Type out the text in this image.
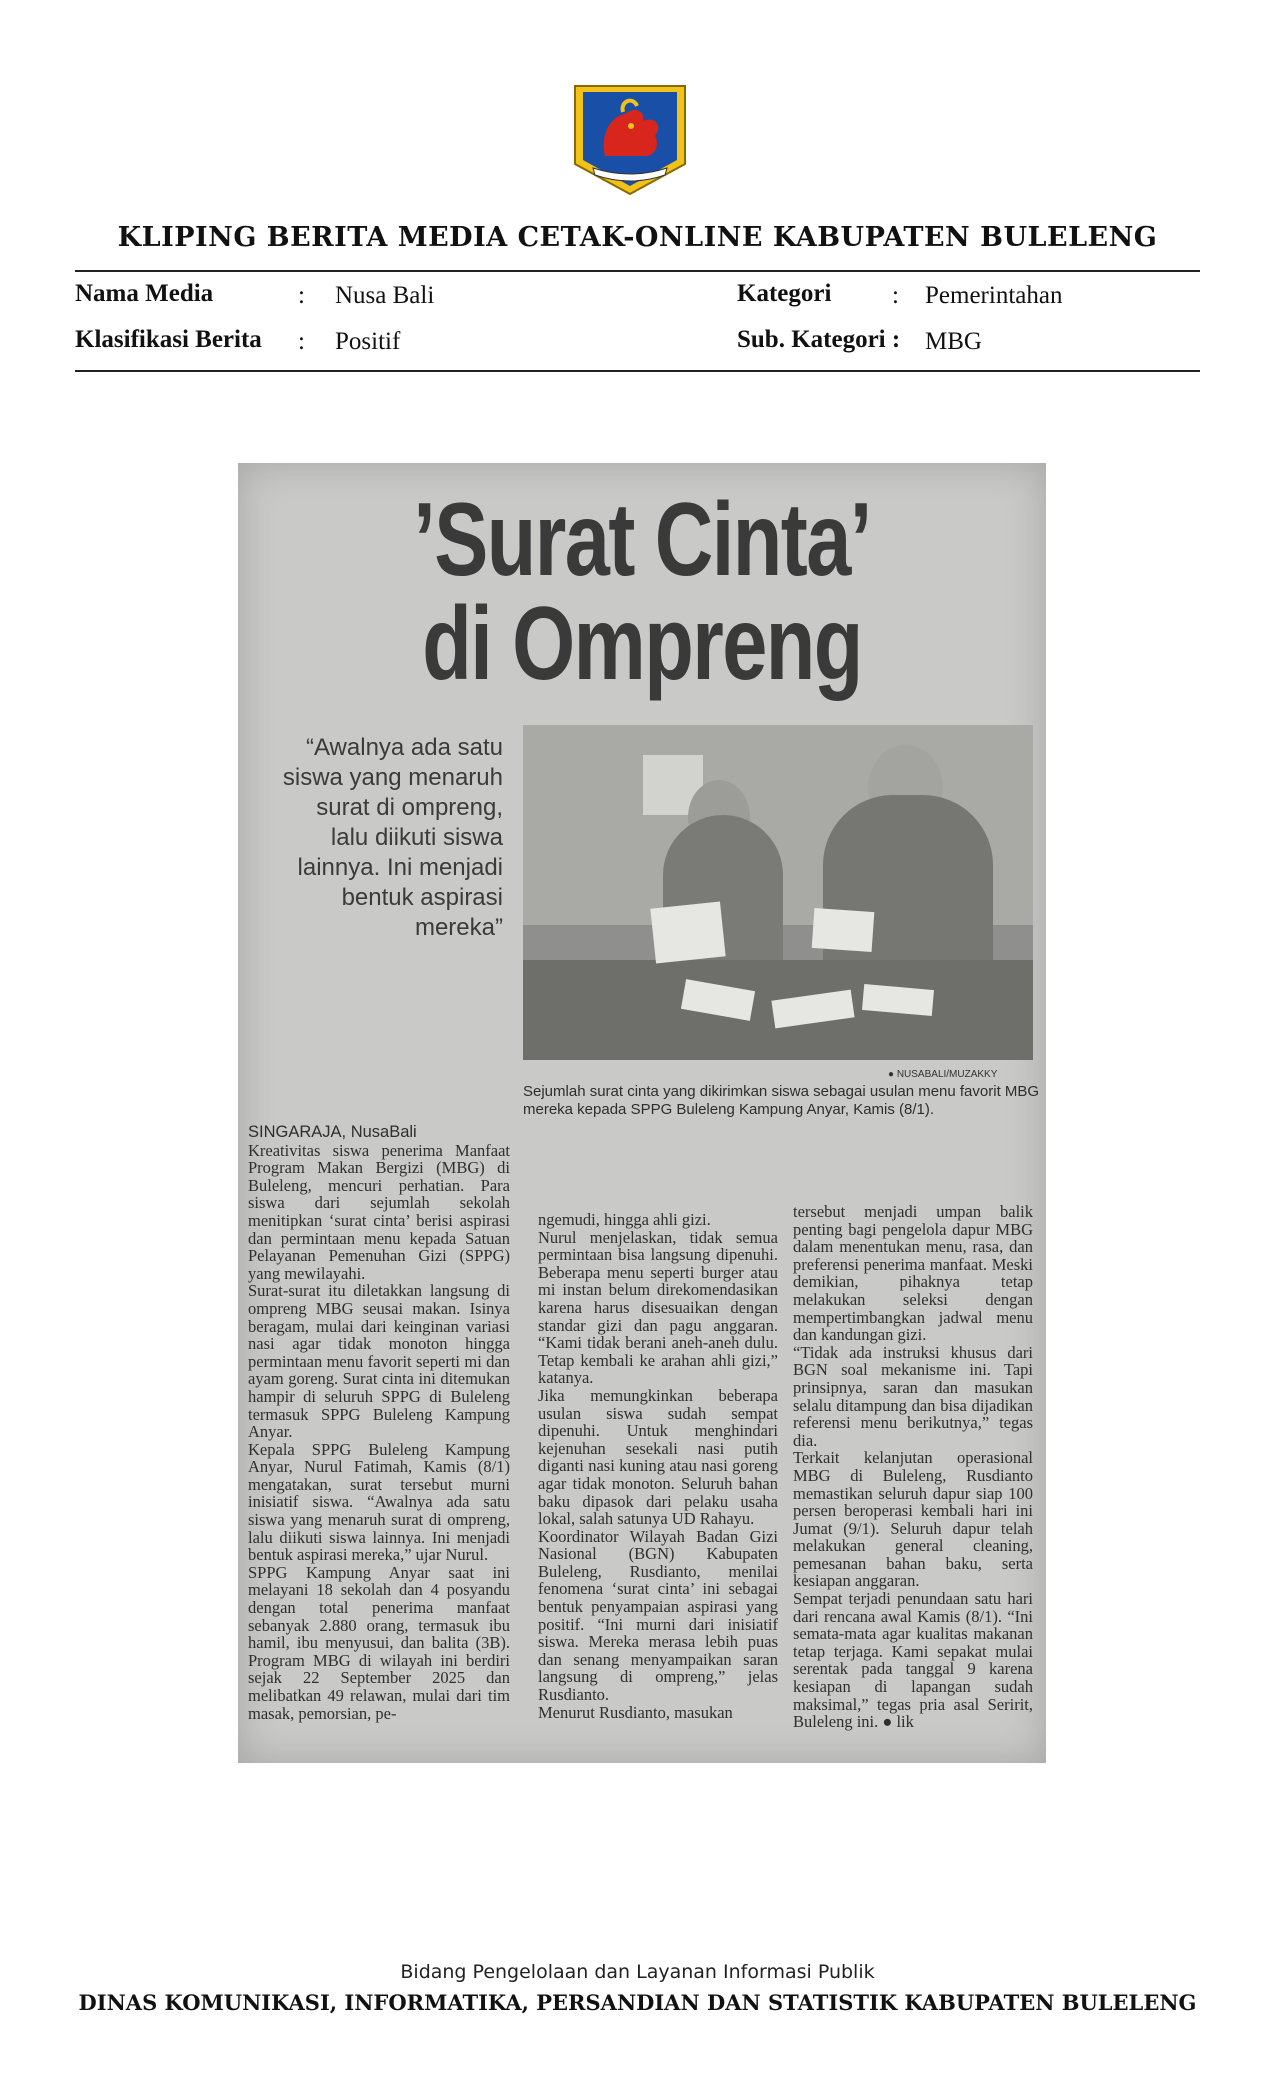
KLIPING BERITA MEDIA CETAK-ONLINE KABUPATEN BULELENG
Nama Media	: Nusa Bali
Klasifikasi Berita : Positif
Kategori : Pemerintahan
Sub. Kategori : MBG
’Surat Cinta’
di Ompreng
“Awalnya ada satu siswa yang menaruh surat di ompreng, lalu diikuti siswa lainnya. Ini menjadi bentuk aspirasi mereka”
● NUSABALI/MUZAKKY
Sejumlah surat cinta yang dikirimkan siswa sebagai usulan menu favorit MBG mereka kepada SPPG Buleleng Kampung Anyar, Kamis (8/1).
SINGARAJA, NusaBali
Kreativitas siswa penerima Manfaat Program Makan Bergizi (MBG) di Buleleng, mencuri perhatian. Para siswa dari sejumlah sekolah menitipkan ‘surat cinta’ berisi aspirasi dan permintaan menu kepada Satuan Pelayanan Pemenuhan Gizi (SPPG) yang mewilayahi.
Surat-surat itu diletakkan langsung di ompreng MBG seusai makan. Isinya beragam, mulai dari keinginan variasi nasi agar tidak monoton hingga permintaan menu favorit seperti mi dan ayam goreng. Surat cinta ini ditemukan hampir di seluruh SPPG di Buleleng termasuk SPPG Buleleng Kampung Anyar.
Kepala SPPG Buleleng Kampung Anyar, Nurul Fatimah, Kamis (8/1) mengatakan, surat tersebut murni inisiatif siswa. “Awalnya ada satu siswa yang menaruh surat di ompreng, lalu diikuti siswa lainnya. Ini menjadi bentuk aspirasi mereka,” ujar Nurul.
SPPG Kampung Anyar saat ini melayani 18 sekolah dan 4 posyandu dengan total penerima manfaat sebanyak 2.880 orang, termasuk ibu hamil, ibu menyusui, dan balita (3B). Program MBG di wilayah ini berdiri sejak 22 September 2025 dan melibatkan 49 relawan, mulai dari tim masak, pemorsian, pe-
ngemudi, hingga ahli gizi.
Nurul menjelaskan, tidak semua permintaan bisa langsung dipenuhi. Beberapa menu seperti burger atau mi instan belum direkomendasikan karena harus disesuaikan dengan standar gizi dan pagu anggaran. “Kami tidak berani aneh-aneh dulu. Tetap kembali ke arahan ahli gizi,” katanya.
Jika memungkinkan beberapa usulan siswa sudah sempat dipenuhi. Untuk menghindari kejenuhan sesekali nasi putih diganti nasi kuning atau nasi goreng agar tidak monoton. Seluruh bahan baku dipasok dari pelaku usaha lokal, salah satunya UD Rahayu.
Koordinator Wilayah Badan Gizi Nasional (BGN) Kabupaten Buleleng, Rusdianto, menilai fenomena ‘surat cinta’ ini sebagai bentuk penyampaian aspirasi yang positif. “Ini murni dari inisiatif siswa. Mereka merasa lebih puas dan senang menyampaikan saran langsung di ompreng,” jelas Rusdianto.
Menurut Rusdianto, masukan
tersebut menjadi umpan balik penting bagi pengelola dapur MBG dalam menentukan menu, rasa, dan preferensi penerima manfaat. Meski demikian, pihaknya tetap melakukan seleksi dengan mempertimbangkan jadwal menu dan kandungan gizi.
“Tidak ada instruksi khusus dari BGN soal mekanisme ini. Tapi prinsipnya, saran dan masukan selalu ditampung dan bisa dijadikan referensi menu berikutnya,” tegas dia.
Terkait kelanjutan operasional MBG di Buleleng, Rusdianto memastikan seluruh dapur siap 100 persen beroperasi kembali hari ini Jumat (9/1). Seluruh dapur telah melakukan general cleaning, pemesanan bahan baku, serta kesiapan anggaran.
Sempat terjadi penundaan satu hari dari rencana awal Kamis (8/1). “Ini semata-mata agar kualitas makanan tetap terjaga. Kami sepakat mulai serentak pada tanggal 9 karena kesiapan di lapangan sudah maksimal,” tegas pria asal Seririt, Buleleng ini. ● lik
Bidang Pengelolaan dan Layanan Informasi Publik
DINAS KOMUNIKASI, INFORMATIKA, PERSANDIAN DAN STATISTIK KABUPATEN BULELENG
